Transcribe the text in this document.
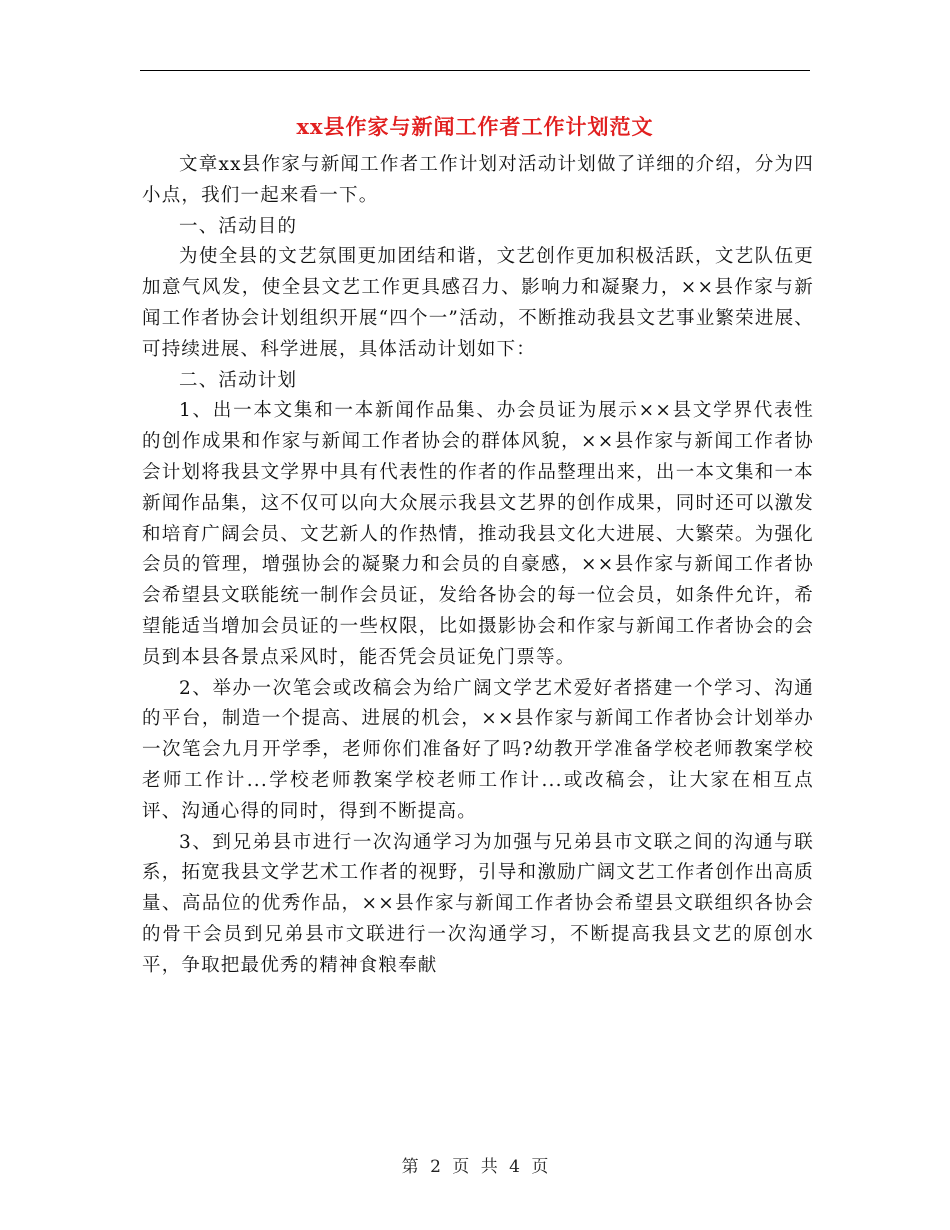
xx县作家与新闻工作者工作计划范文

文章xx县作家与新闻工作者工作计划对活动计划做了详细的介绍，分为四小点，我们一起来看一下。

一、活动目的

为使全县的文艺氛围更加团结和谐，文艺创作更加积极活跃，文艺队伍更加意气风发，使全县文艺工作更具感召力、影响力和凝聚力，××县作家与新闻工作者协会计划组织开展“四个一”活动，不断推动我县文艺事业繁荣进展、可持续进展、科学进展，具体活动计划如下：

二、活动计划

1、出一本文集和一本新闻作品集、办会员证为展示××县文学界代表性的创作成果和作家与新闻工作者协会的群体风貌，××县作家与新闻工作者协会计划将我县文学界中具有代表性的作者的作品整理出来，出一本文集和一本新闻作品集，这不仅可以向大众展示我县文艺界的创作成果，同时还可以激发和培育广阔会员、文艺新人的作热情，推动我县文化大进展、大繁荣。为强化会员的管理，增强协会的凝聚力和会员的自豪感，××县作家与新闻工作者协会希望县文联能统一制作会员证，发给各协会的每一位会员，如条件允许，希望能适当增加会员证的一些权限，比如摄影协会和作家与新闻工作者协会的会员到本县各景点采风时，能否凭会员证免门票等。

2、举办一次笔会或改稿会为给广阔文学艺术爱好者搭建一个学习、沟通的平台，制造一个提高、进展的机会，××县作家与新闻工作者协会计划举办一次笔会九月开学季，老师你们准备好了吗?幼教开学准备学校老师教案学校老师工作计...学校老师教案学校老师工作计...或改稿会，让大家在相互点评、沟通心得的同时，得到不断提高。

3、到兄弟县市进行一次沟通学习为加强与兄弟县市文联之间的沟通与联系，拓宽我县文学艺术工作者的视野，引导和激励广阔文艺工作者创作出高质量、高品位的优秀作品，××县作家与新闻工作者协会希望县文联组织各协会的骨干会员到兄弟县市文联进行一次沟通学习，不断提高我县文艺的原创水平，争取把最优秀的精神食粮奉献

第 2 页 共 4 页
